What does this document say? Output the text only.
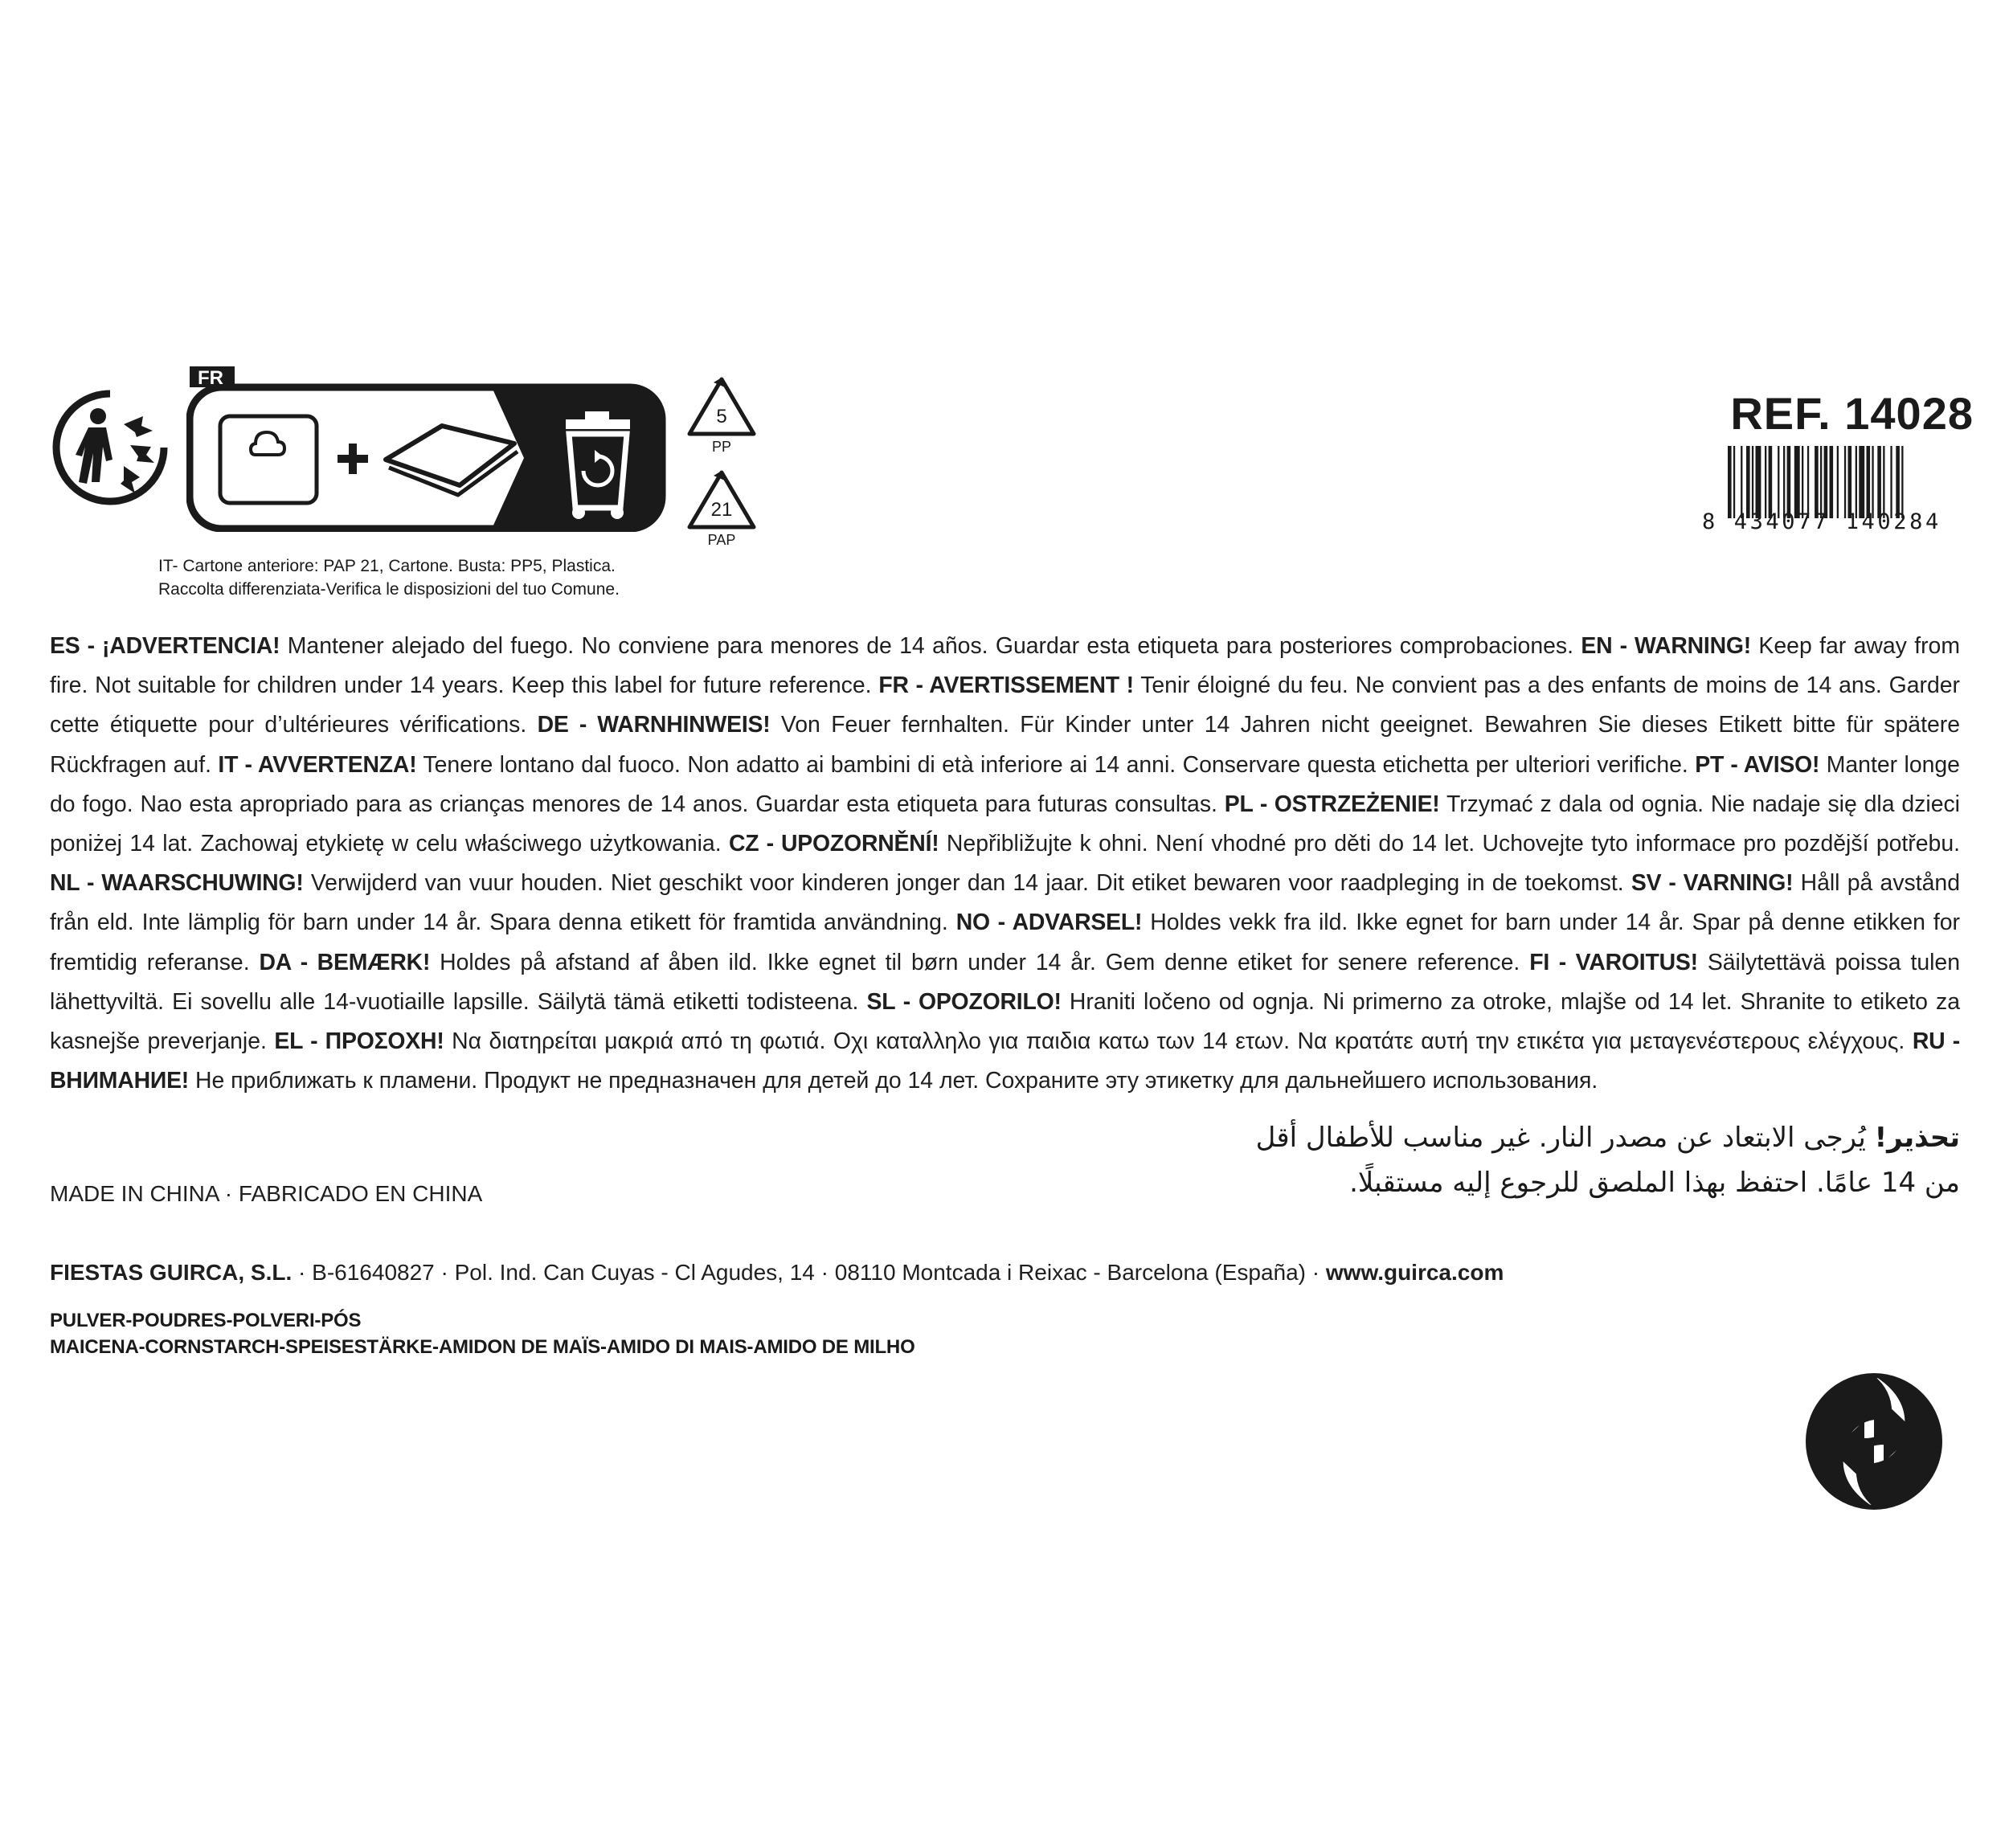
FR
5
PP
21
PAP
IT- Cartone anteriore: PAP 21, Cartone. Busta: PP5, Plastica.
Raccolta differenziata-Verifica le disposizioni del tuo Comune.
REF. 14028
8 434077 140284
ES - ¡ADVERTENCIA! Mantener alejado del fuego. No conviene para menores de 14 años. Guardar esta etiqueta para posteriores comprobaciones. EN - WARNING! Keep far away from fire. Not suitable for children under 14 years. Keep this label for future reference. FR - AVERTISSEMENT ! Tenir éloigné du feu. Ne convient pas a des enfants de moins de 14 ans. Garder cette étiquette pour d’ultérieures vérifications. DE - WARNHINWEIS! Von Feuer fernhalten. Für Kinder unter 14 Jahren nicht geeignet. Bewahren Sie dieses Etikett bitte für spätere Rückfragen auf. IT - AVVERTENZA! Tenere lontano dal fuoco. Non adatto ai bambini di età inferiore ai 14 anni. Conservare questa etichetta per ulteriori verifiche. PT - AVISO! Manter longe do fogo. Nao esta apropriado para as crianças menores de 14 anos. Guardar esta etiqueta para futuras consultas. PL - OSTRZEŻENIE! Trzymać z dala od ognia. Nie nadaje się dla dzieci poniżej 14 lat. Zachowaj etykietę w celu właściwego użytkowania. CZ - UPOZORNĚNÍ! Nepřibližujte k ohni. Není vhodné pro děti do 14 let. Uchovejte tyto informace pro pozdější potřebu. NL - WAARSCHUWING! Verwijderd van vuur houden. Niet geschikt voor kinderen jonger dan 14 jaar. Dit etiket bewaren voor raadpleging in de toekomst. SV - VARNING! Håll på avstånd från eld. Inte lämplig för barn under 14 år. Spara denna etikett för framtida användning. NO - ADVARSEL! Holdes vekk fra ild. Ikke egnet for barn under 14 år. Spar på denne etikken for fremtidig referanse. DA - BEMÆRK! Holdes på afstand af åben ild. Ikke egnet til børn under 14 år. Gem denne etiket for senere reference. FI - VAROITUS! Säilytettävä poissa tulen lähettyviltä. Ei sovellu alle 14-vuotiaille lapsille. Säilytä tämä etiketti todisteena. SL - OPOZORILO! Hraniti ločeno od ognja. Ni primerno za otroke, mlajše od 14 let. Shranite to etiketo za kasnejše preverjanje. EL - ΠΡΟΣΟΧΗ! Να διατηρείται μακριά από τη φωτιά. Οχι καταλληλο για παιδια κατω των 14 ετων. Να κρατάτε αυτή την ετικέτα για μεταγενέστερους ελέγχους. RU - ВНИМАНИЕ! Не приближать к пламени. Продукт не предназначен для детей до 14 лет. Сохраните эту этикетку для дальнейшего использования.
تحذير! يُرجى الابتعاد عن مصدر النار. غير مناسب للأطفال أقل
من 14 عامًا. احتفظ بهذا الملصق للرجوع إليه مستقبلًا.
MADE IN CHINA · FABRICADO EN CHINA
FIESTAS GUIRCA, S.L. · B-61640827 · Pol. Ind. Can Cuyas - Cl Agudes, 14 · 08110 Montcada i Reixac - Barcelona (España) · www.guirca.com
PULVER-POUDRES-POLVERI-PÓS
MAICENA-CORNSTARCH-SPEISESTÄRKE-AMIDON DE MAÏS-AMIDO DI MAIS-AMIDO DE MILHO
